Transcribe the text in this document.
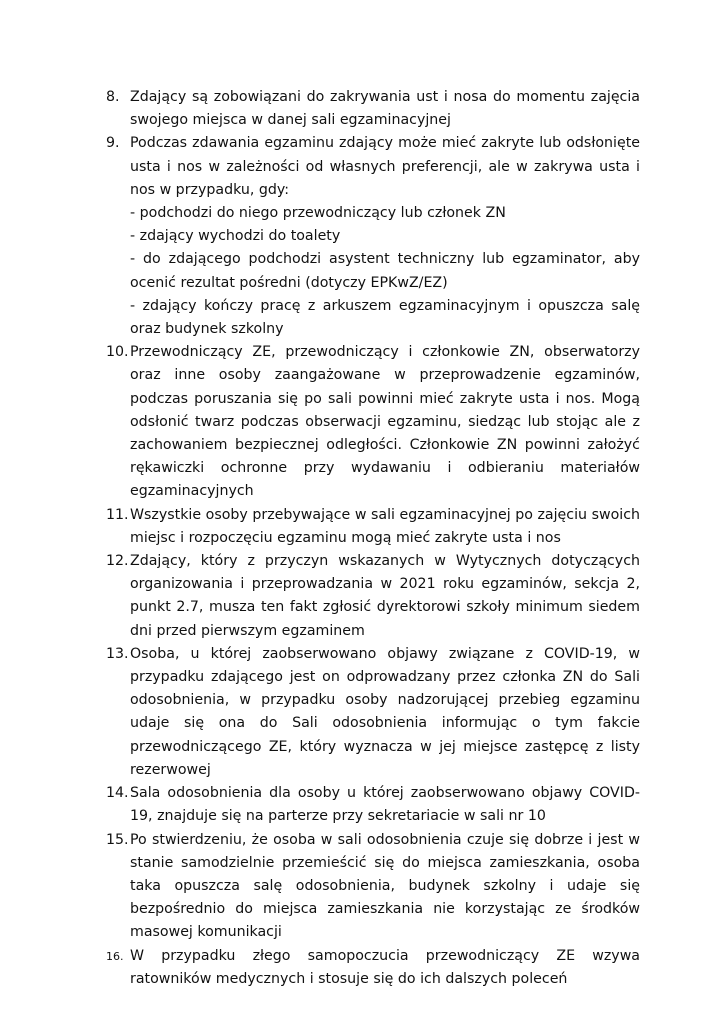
8. Zdający są zobowiązani do zakrywania ust i nosa do momentu zajęcia swojego miejsca w danej sali egzaminacyjnej
9. Podczas zdawania egzaminu zdający może mieć zakryte lub odsłonięte usta i nos w zależności od własnych preferencji, ale w zakrywa usta i nos w przypadku, gdy:
- podchodzi do niego przewodniczący lub członek ZN
- zdający wychodzi do toalety
- do zdającego podchodzi asystent techniczny lub egzaminator, aby ocenić rezultat pośredni (dotyczy EPKwZ/EZ)
- zdający kończy pracę z arkuszem egzaminacyjnym i opuszcza salę oraz budynek szkolny
10. Przewodniczący ZE, przewodniczący i członkowie ZN, obserwatorzy oraz inne osoby zaangażowane w przeprowadzenie egzaminów, podczas poruszania się po sali powinni mieć zakryte usta i nos. Mogą odsłonić twarz podczas obserwacji egzaminu, siedząc lub stojąc ale z zachowaniem bezpiecznej odległości. Członkowie ZN powinni założyć rękawiczki ochronne przy wydawaniu i odbieraniu materiałów egzaminacyjnych
11. Wszystkie osoby przebywające w sali egzaminacyjnej po zajęciu swoich miejsc i rozpoczęciu egzaminu mogą mieć zakryte usta i nos
12. Zdający, który z przyczyn wskazanych w Wytycznych dotyczących organizowania i przeprowadzania w 2021 roku egzaminów, sekcja 2, punkt 2.7, musza ten fakt zgłosić dyrektorowi szkoły minimum siedem dni przed pierwszym egzaminem
13. Osoba, u której zaobserwowano objawy związane z COVID-19, w przypadku zdającego jest on odprowadzany przez członka ZN do Sali odosobnienia, w przypadku osoby nadzorującej przebieg egzaminu udaje się ona do Sali odosobnienia informując o tym fakcie przewodniczącego ZE, który wyznacza w jej miejsce zastępcę z listy rezerwowej
14. Sala odosobnienia dla osoby u której zaobserwowano objawy COVID-19, znajduje się na parterze przy sekretariacie w sali nr 10
15. Po stwierdzeniu, że osoba w sali odosobnienia czuje się dobrze i jest w stanie samodzielnie przemieścić się do miejsca zamieszkania, osoba taka opuszcza salę odosobnienia, budynek szkolny i udaje się bezpośrednio do miejsca zamieszkania nie korzystając ze środków masowej komunikacji
16. W przypadku złego samopoczucia przewodniczący ZE wzywa ratowników medycznych i stosuje się do ich dalszych poleceń
